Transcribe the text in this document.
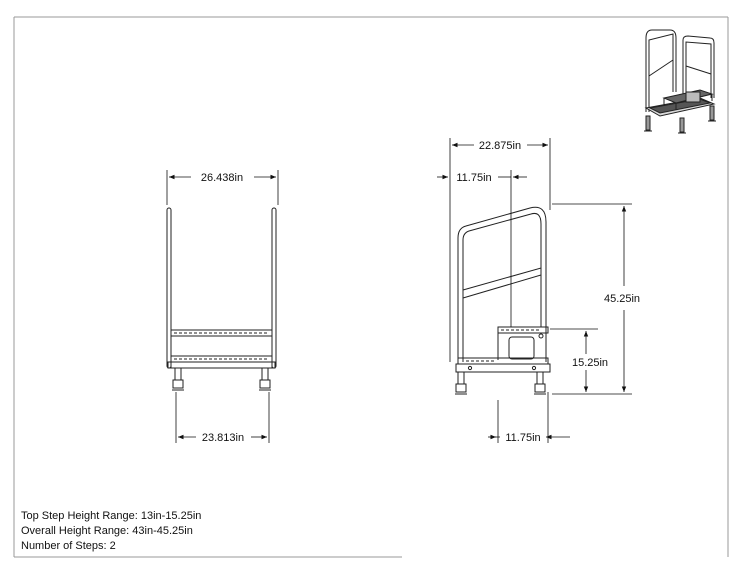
26.438in
23.813in
22.875in
11.75in
11.75in
45.25in
15.25in
Top Step Height Range: 13in-15.25in
Overall Height Range: 43in-45.25in
Number of Steps: 2
